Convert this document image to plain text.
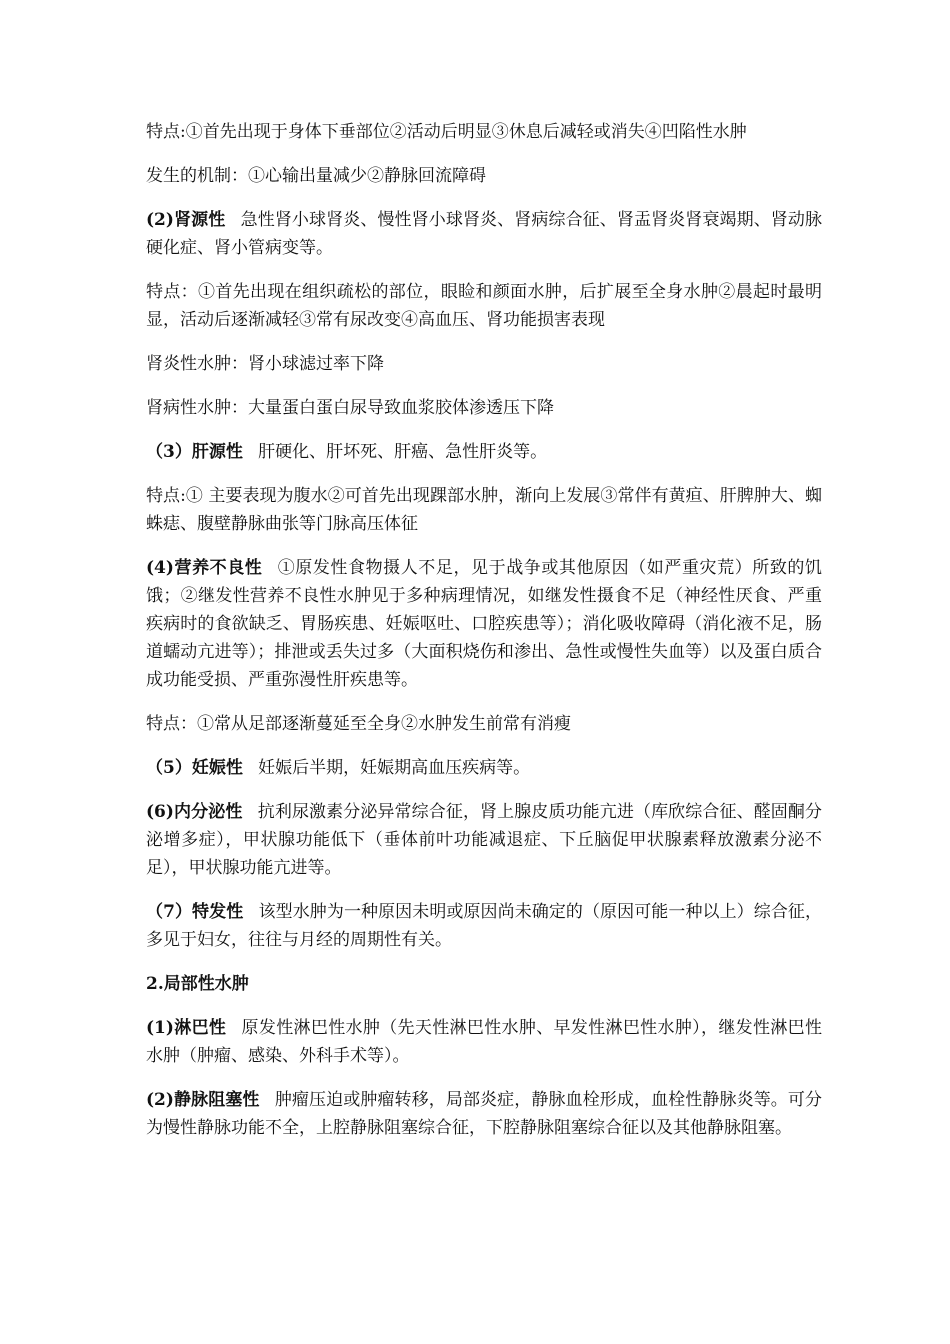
特点:①首先出现于身体下垂部位②活动后明显③休息后减轻或消失④凹陷性水肿

发生的机制：①心输出量减少②静脉回流障碍

(2)肾源性 急性肾小球肾炎、慢性肾小球肾炎、肾病综合征、肾盂肾炎肾衰竭期、肾动脉硬化症、肾小管病变等。

特点：①首先出现在组织疏松的部位，眼睑和颜面水肿，后扩展至全身水肿②晨起时最明显，活动后逐渐减轻③常有尿改变④高血压、肾功能损害表现

肾炎性水肿：肾小球滤过率下降

肾病性水肿：大量蛋白蛋白尿导致血浆胶体渗透压下降

（3）肝源性 肝硬化、肝坏死、肝癌、急性肝炎等。

特点:① 主要表现为腹水②可首先出现踝部水肿，渐向上发展③常伴有黄疸、肝脾肿大、蜘蛛痣、腹壁静脉曲张等门脉高压体征

(4)营养不良性 ①原发性食物摄人不足，见于战争或其他原因（如严重灾荒）所致的饥饿；②继发性营养不良性水肿见于多种病理情况，如继发性摄食不足（神经性厌食、严重疾病时的食欲缺乏、胃肠疾患、妊娠呕吐、口腔疾患等）；消化吸收障碍（消化液不足，肠道蠕动亢进等）；排泄或丢失过多（大面积烧伤和渗出、急性或慢性失血等）以及蛋白质合成功能受损、严重弥漫性肝疾患等。

特点：①常从足部逐渐蔓延至全身②水肿发生前常有消瘦

（5）妊娠性 妊娠后半期，妊娠期高血压疾病等。

(6)内分泌性 抗利尿激素分泌异常综合征，肾上腺皮质功能亢进（库欣综合征、醛固酮分泌增多症），甲状腺功能低下（垂体前叶功能减退症、下丘脑促甲状腺素释放激素分泌不足），甲状腺功能亢进等。

（7）特发性 该型水肿为一种原因未明或原因尚未确定的（原因可能一种以上）综合征，多见于妇女，往往与月经的周期性有关。

2.局部性水肿

(1)淋巴性 原发性淋巴性水肿（先天性淋巴性水肿、早发性淋巴性水肿），继发性淋巴性水肿（肿瘤、感染、外科手术等）。

(2)静脉阻塞性 肿瘤压迫或肿瘤转移，局部炎症，静脉血栓形成，血栓性静脉炎等。可分为慢性静脉功能不全，上腔静脉阻塞综合征，下腔静脉阻塞综合征以及其他静脉阻塞。
